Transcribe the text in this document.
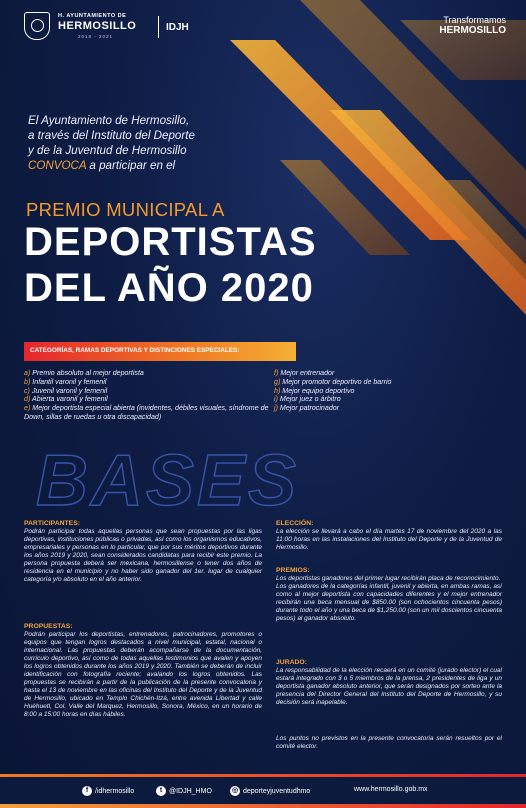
H. AYUNTAMIENTO DE
HERMOSILLO
2018 - 2021
IDJH
Transformamos
HERMOSILLO
El Ayuntamiento de Hermosillo,
a través del Instituto del Deporte
y de la Juventud de Hermosillo
CONVOCA a participar en el
PREMIO MUNICIPAL A
DEPORTISTAS
DEL AÑO 2020
CATEGORÍAS, RAMAS DEPORTIVAS Y DISTINCIONES ESPECIALES:
a) Premio absoluto al mejor deportista
b) Infantil varonil y femenil
c) Juvenil varonil y femenil
d) Abierta varonil y femenil
e) Mejor deportista especial abierta (invidentes, débiles visuales, síndrome de Down, sillas de ruedas u otra discapacidad)
f) Mejor entrenador
g) Mejor promotor deportivo de barrio
h) Mejor equipo deportivo
i) Mejor juez o árbitro
j) Mejor patrocinador
BASES
PARTICIPANTES:

Podrán participar todas aquellas personas que sean propuestas por las ligas deportivas, instituciones públicas o privadas, así como los organismos educativos, empresariales y personas en lo particular, que por sus méritos deportivos durante los años 2019 y 2020, sean considerados candidatas para recibir este premio. La persona propuesta deberá ser mexicana, hermosillense o tener dos años de residencia en el municipio y no haber sido ganador del 1er. lugar de cualquier categoría y/o absoluto en el año anterior.

PROPUESTAS:

Podrán participar los deportistas, entrenadores, patrocinadores, promotores o equipos que tengan logros destacados a nivel municipal, estatal, nacional o internacional. Las propuestas deberán acompañarse de la documentación, currículo deportivo, así como de todas aquellas testimonios que avalen y apoyen los logros obtenidos durante los años 2019 y 2020. También se deberán de incluir identificación con fotografía reciente; avalando los logros obtenidos. Las propuestas se recibirán a partir de la publicación de la presente convocatoria y hasta el 13 de noviembre en las oficinas del Instituto del Deporte y de la Juventud de Hermosillo, ubicado en Templo Chichén-Itzá, entre avenida Libertad y calle Huéhuetl, Col. Valle del Marquez, Hermosillo, Sonora, México, en un horario de 8:00 a 15:00 horas en días hábiles.

ELECCIÓN:

La elección se llevará a cabo el día martes 17 de noviembre del 2020 a las 11:00 horas en las instalaciones del Instituto del Deporte y de la Juventud de Hermosillo.

PREMIOS:

Los deportistas ganadores del primer lugar recibirán placa de reconocimiento.

Los ganadores de la categorías infantil, juvenil y abierta, en ambas ramas, así como al mejor deportista con capacidades diferentes y el mejor entrenador recibirán una beca mensual de $850.00 (son ochocientos cincuenta pesos) durante todo el año y una beca de $1,250.00 (son un mil doscientos cincuenta pesos) al ganador absoluto.

JURADO:

La responsabilidad de la elección recaerá en un comité (jurado elector) el cual estará integrado con 3 o 5 miembros de la prensa, 2 presidentes de liga y un deportista ganador absoluto anterior, que serán designados por sorteo ante la presencia del Director General del Instituto del Deporte de Hermosillo, y su decisión será inapelable.

Los puntos no previstos en la presente convocatoria serán resueltos por el comité elector.

f /idhermosillo	t @IDJH_HMO	◎ deporteyjuventudhmo	www.hermosillo.gob.mx
